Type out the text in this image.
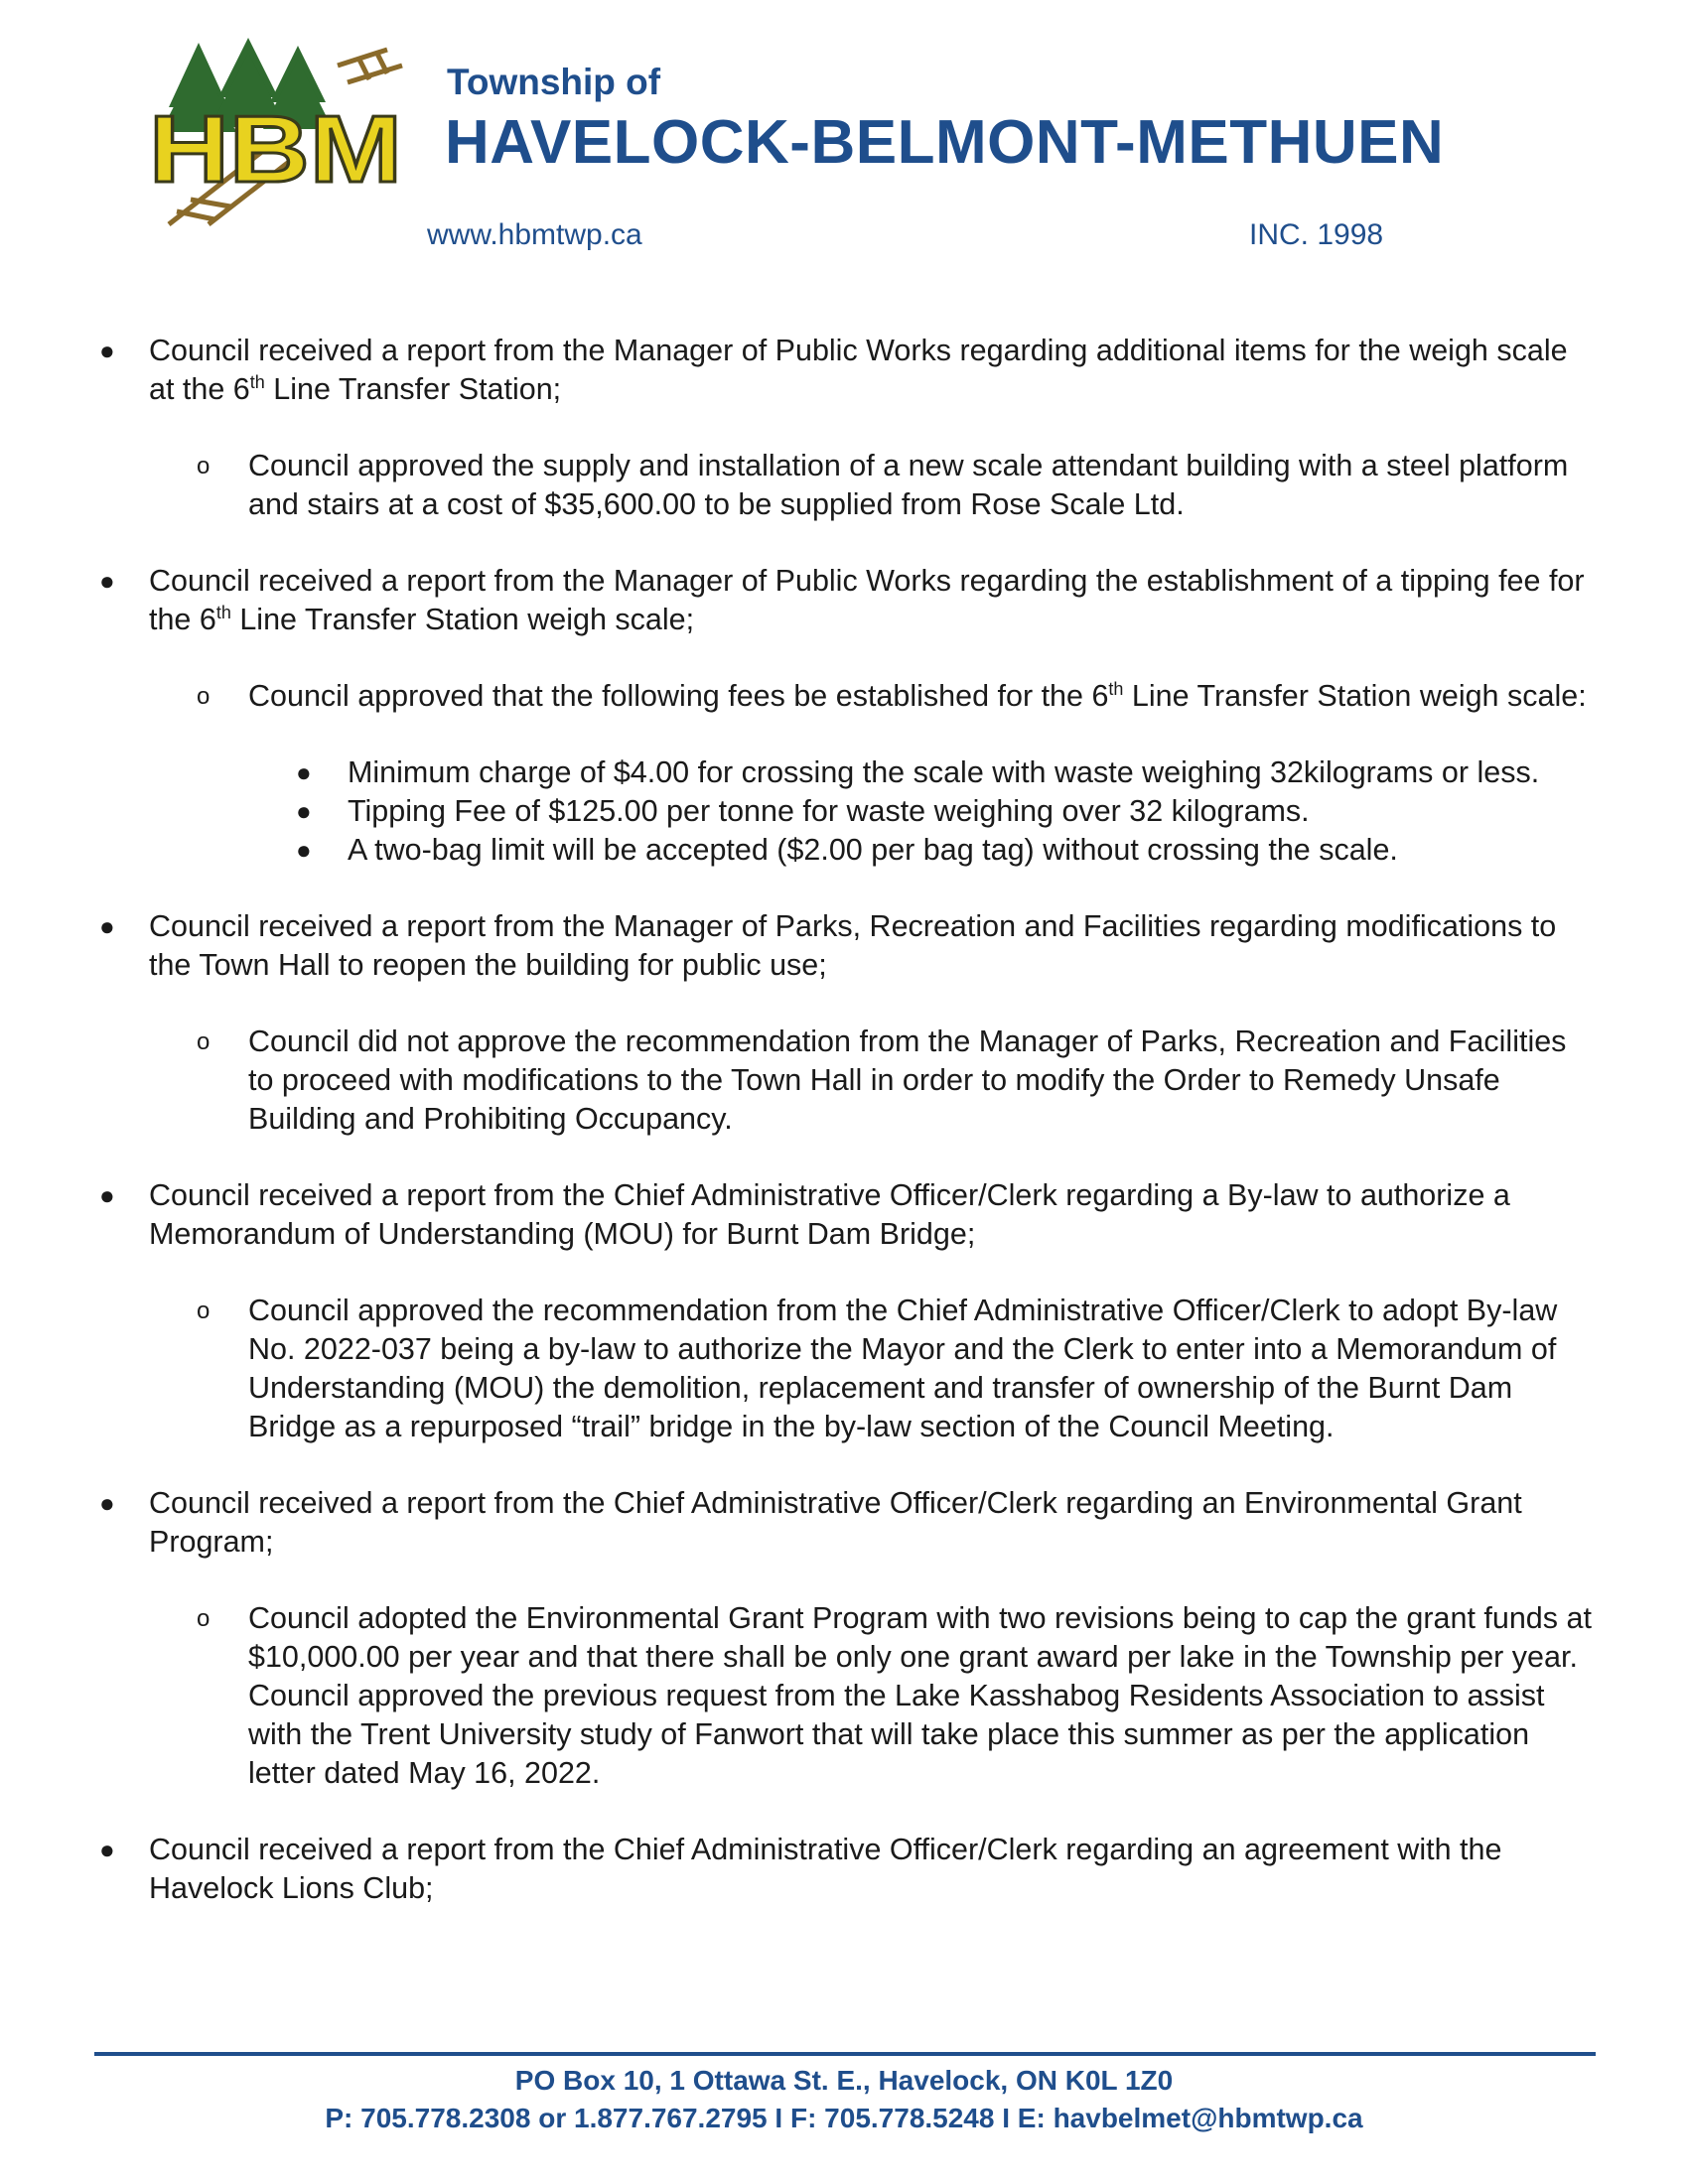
HBM
Township of
HAVELOCK-BELMONT-METHUEN
www.hbmtwp.ca	INC. 1998
● Council received a report from the Manager of Public Works regarding additional items for the weigh scale at the 6th Line Transfer Station;
o Council approved the supply and installation of a new scale attendant building with a steel platform and stairs at a cost of $35,600.00 to be supplied from Rose Scale Ltd.
● Council received a report from the Manager of Public Works regarding the establishment of a tipping fee for the 6th Line Transfer Station weigh scale;
o Council approved that the following fees be established for the 6th Line Transfer Station weigh scale:
● Minimum charge of $4.00 for crossing the scale with waste weighing 32kilograms or less.
● Tipping Fee of $125.00 per tonne for waste weighing over 32 kilograms.
● A two-bag limit will be accepted ($2.00 per bag tag) without crossing the scale.
● Council received a report from the Manager of Parks, Recreation and Facilities regarding modifications to the Town Hall to reopen the building for public use;
o Council did not approve the recommendation from the Manager of Parks, Recreation and Facilities to proceed with modifications to the Town Hall in order to modify the Order to Remedy Unsafe Building and Prohibiting Occupancy.
● Council received a report from the Chief Administrative Officer/Clerk regarding a By-law to authorize a Memorandum of Understanding (MOU) for Burnt Dam Bridge;
o Council approved the recommendation from the Chief Administrative Officer/Clerk to adopt By-law No. 2022-037 being a by-law to authorize the Mayor and the Clerk to enter into a Memorandum of Understanding (MOU) the demolition, replacement and transfer of ownership of the Burnt Dam Bridge as a repurposed “trail” bridge in the by-law section of the Council Meeting.
● Council received a report from the Chief Administrative Officer/Clerk regarding an Environmental Grant Program;
o Council adopted the Environmental Grant Program with two revisions being to cap the grant funds at $10,000.00 per year and that there shall be only one grant award per lake in the Township per year. Council approved the previous request from the Lake Kasshabog Residents Association to assist with the Trent University study of Fanwort that will take place this summer as per the application letter dated May 16, 2022.
● Council received a report from the Chief Administrative Officer/Clerk regarding an agreement with the Havelock Lions Club;
PO Box 10, 1 Ottawa St. E., Havelock, ON K0L 1Z0
P: 705.778.2308 or 1.877.767.2795 I F: 705.778.5248 I E: havbelmet@hbmtwp.ca
